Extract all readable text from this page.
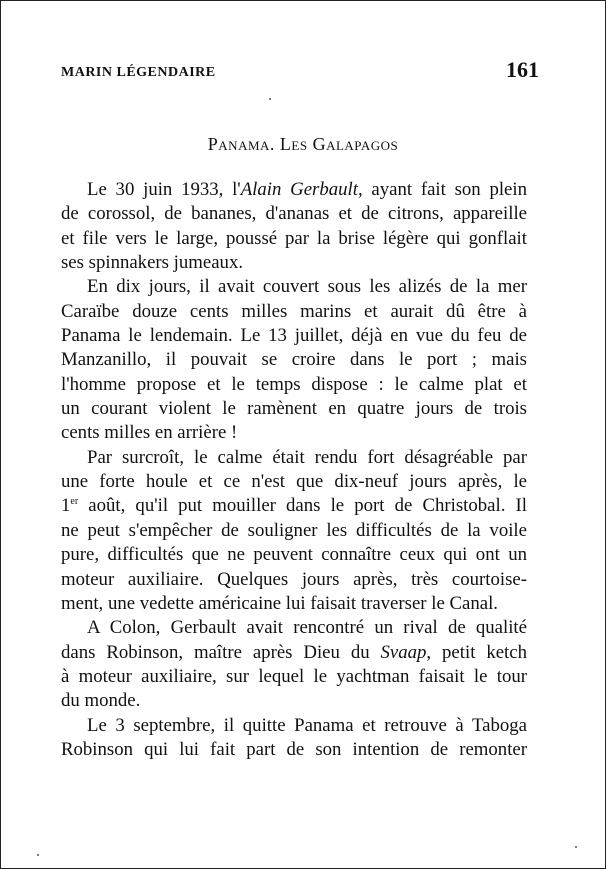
MARIN LÉGENDAIRE	161
Panama. Les Galapagos
Le 30 juin 1933, l'Alain Gerbault, ayant fait son plein
de corossol, de bananes, d'ananas et de citrons, appareille
et file vers le large, poussé par la brise légère qui gonflait
ses spinnakers jumeaux.
En dix jours, il avait couvert sous les alizés de la mer
Caraïbe douze cents milles marins et aurait dû être à
Panama le lendemain. Le 13 juillet, déjà en vue du feu de
Manzanillo, il pouvait se croire dans le port ; mais
l'homme propose et le temps dispose : le calme plat et
un courant violent le ramènent en quatre jours de trois
cents milles en arrière !
Par surcroît, le calme était rendu fort désagréable par
une forte houle et ce n'est que dix-neuf jours après, le
1er août, qu'il put mouiller dans le port de Christobal. Il
ne peut s'empêcher de souligner les difficultés de la voile
pure, difficultés que ne peuvent connaître ceux qui ont un
moteur auxiliaire. Quelques jours après, très courtoise-
ment, une vedette américaine lui faisait traverser le Canal.
A Colon, Gerbault avait rencontré un rival de qualité
dans Robinson, maître après Dieu du Svaap, petit ketch
à moteur auxiliaire, sur lequel le yachtman faisait le tour
du monde.
Le 3 septembre, il quitte Panama et retrouve à Taboga
Robinson qui lui fait part de son intention de remonter
